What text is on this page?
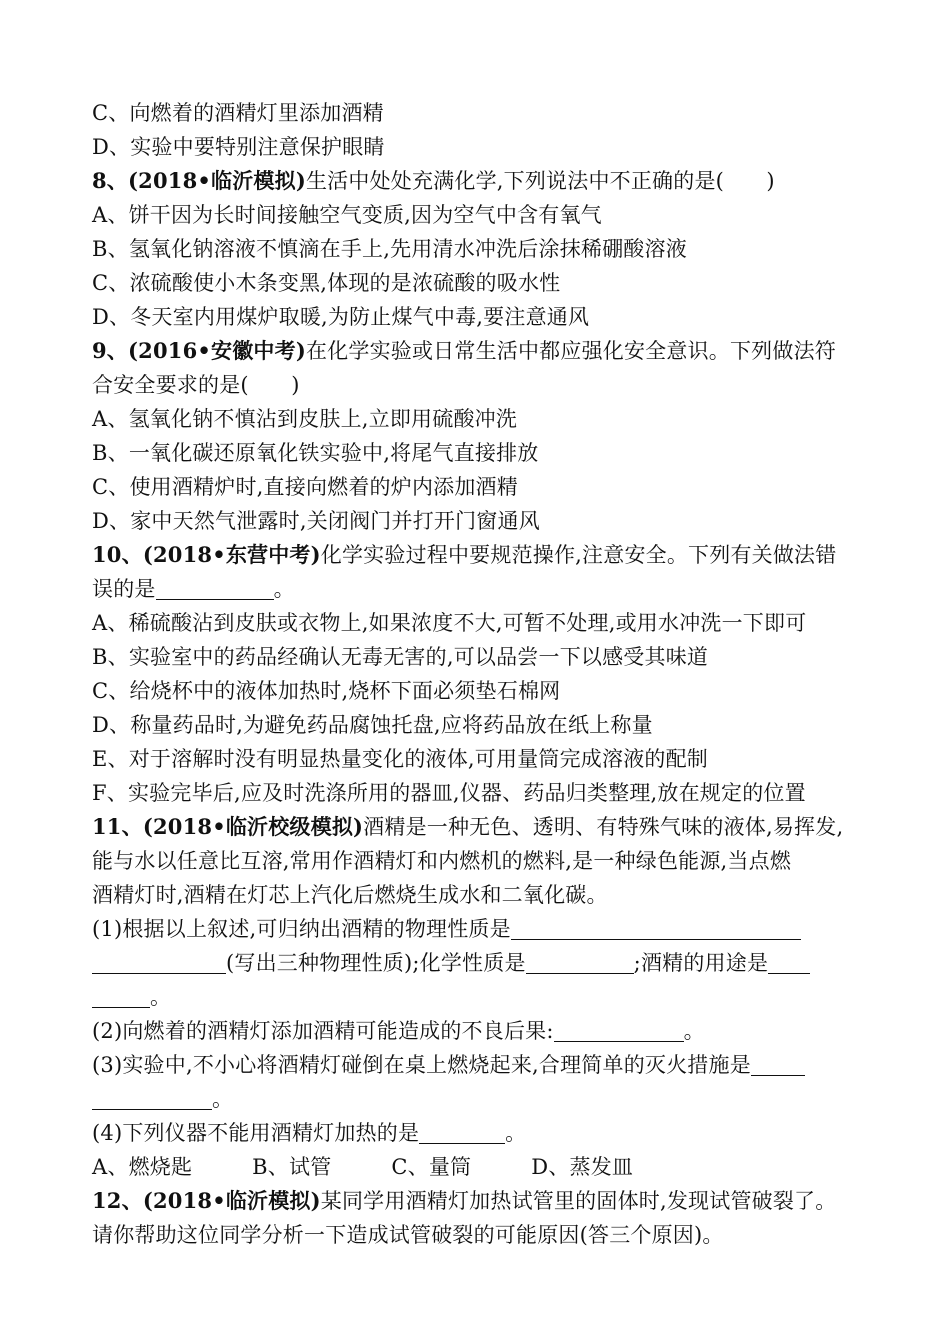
C、向燃着的酒精灯里添加酒精
D、实验中要特别注意保护眼睛
8、(2018•临沂模拟)生活中处处充满化学,下列说法中不正确的是(　　)
A、饼干因为长时间接触空气变质,因为空气中含有氧气
B、氢氧化钠溶液不慎滴在手上,先用清水冲洗后涂抹稀硼酸溶液
C、浓硫酸使小木条变黑,体现的是浓硫酸的吸水性
D、冬天室内用煤炉取暖,为防止煤气中毒,要注意通风
9、(2016•安徽中考)在化学实验或日常生活中都应强化安全意识。下列做法符
合安全要求的是(　　)
A、氢氧化钠不慎沾到皮肤上,立即用硫酸冲洗
B、一氧化碳还原氧化铁实验中,将尾气直接排放
C、使用酒精炉时,直接向燃着的炉内添加酒精
D、家中天然气泄露时,关闭阀门并打开门窗通风
10、(2018•东营中考)化学实验过程中要规范操作,注意安全。下列有关做法错
误的是	。
A、稀硫酸沾到皮肤或衣物上,如果浓度不大,可暂不处理,或用水冲洗一下即可
B、实验室中的药品经确认无毒无害的,可以品尝一下以感受其味道
C、给烧杯中的液体加热时,烧杯下面必须垫石棉网
D、称量药品时,为避免药品腐蚀托盘,应将药品放在纸上称量
E、对于溶解时没有明显热量变化的液体,可用量筒完成溶液的配制
F、实验完毕后,应及时洗涤所用的器皿,仪器、药品归类整理,放在规定的位置
11、(2018•临沂校级模拟)酒精是一种无色、透明、有特殊气味的液体,易挥发,
能与水以任意比互溶,常用作酒精灯和内燃机的燃料,是一种绿色能源,当点燃
酒精灯时,酒精在灯芯上汽化后燃烧生成水和二氧化碳。
(1)根据以上叙述,可归纳出酒精的物理性质是
(写出三种物理性质);化学性质是	;酒精的用途是
。
(2)向燃着的酒精灯添加酒精可能造成的不良后果:	。
(3)实验中,不小心将酒精灯碰倒在桌上燃烧起来,合理简单的灭火措施是
。
(4)下列仪器不能用酒精灯加热的是	。
A、燃烧匙	B、试管	C、量筒	D、蒸发皿
12、(2018•临沂模拟)某同学用酒精灯加热试管里的固体时,发现试管破裂了。
请你帮助这位同学分析一下造成试管破裂的可能原因(答三个原因)。
